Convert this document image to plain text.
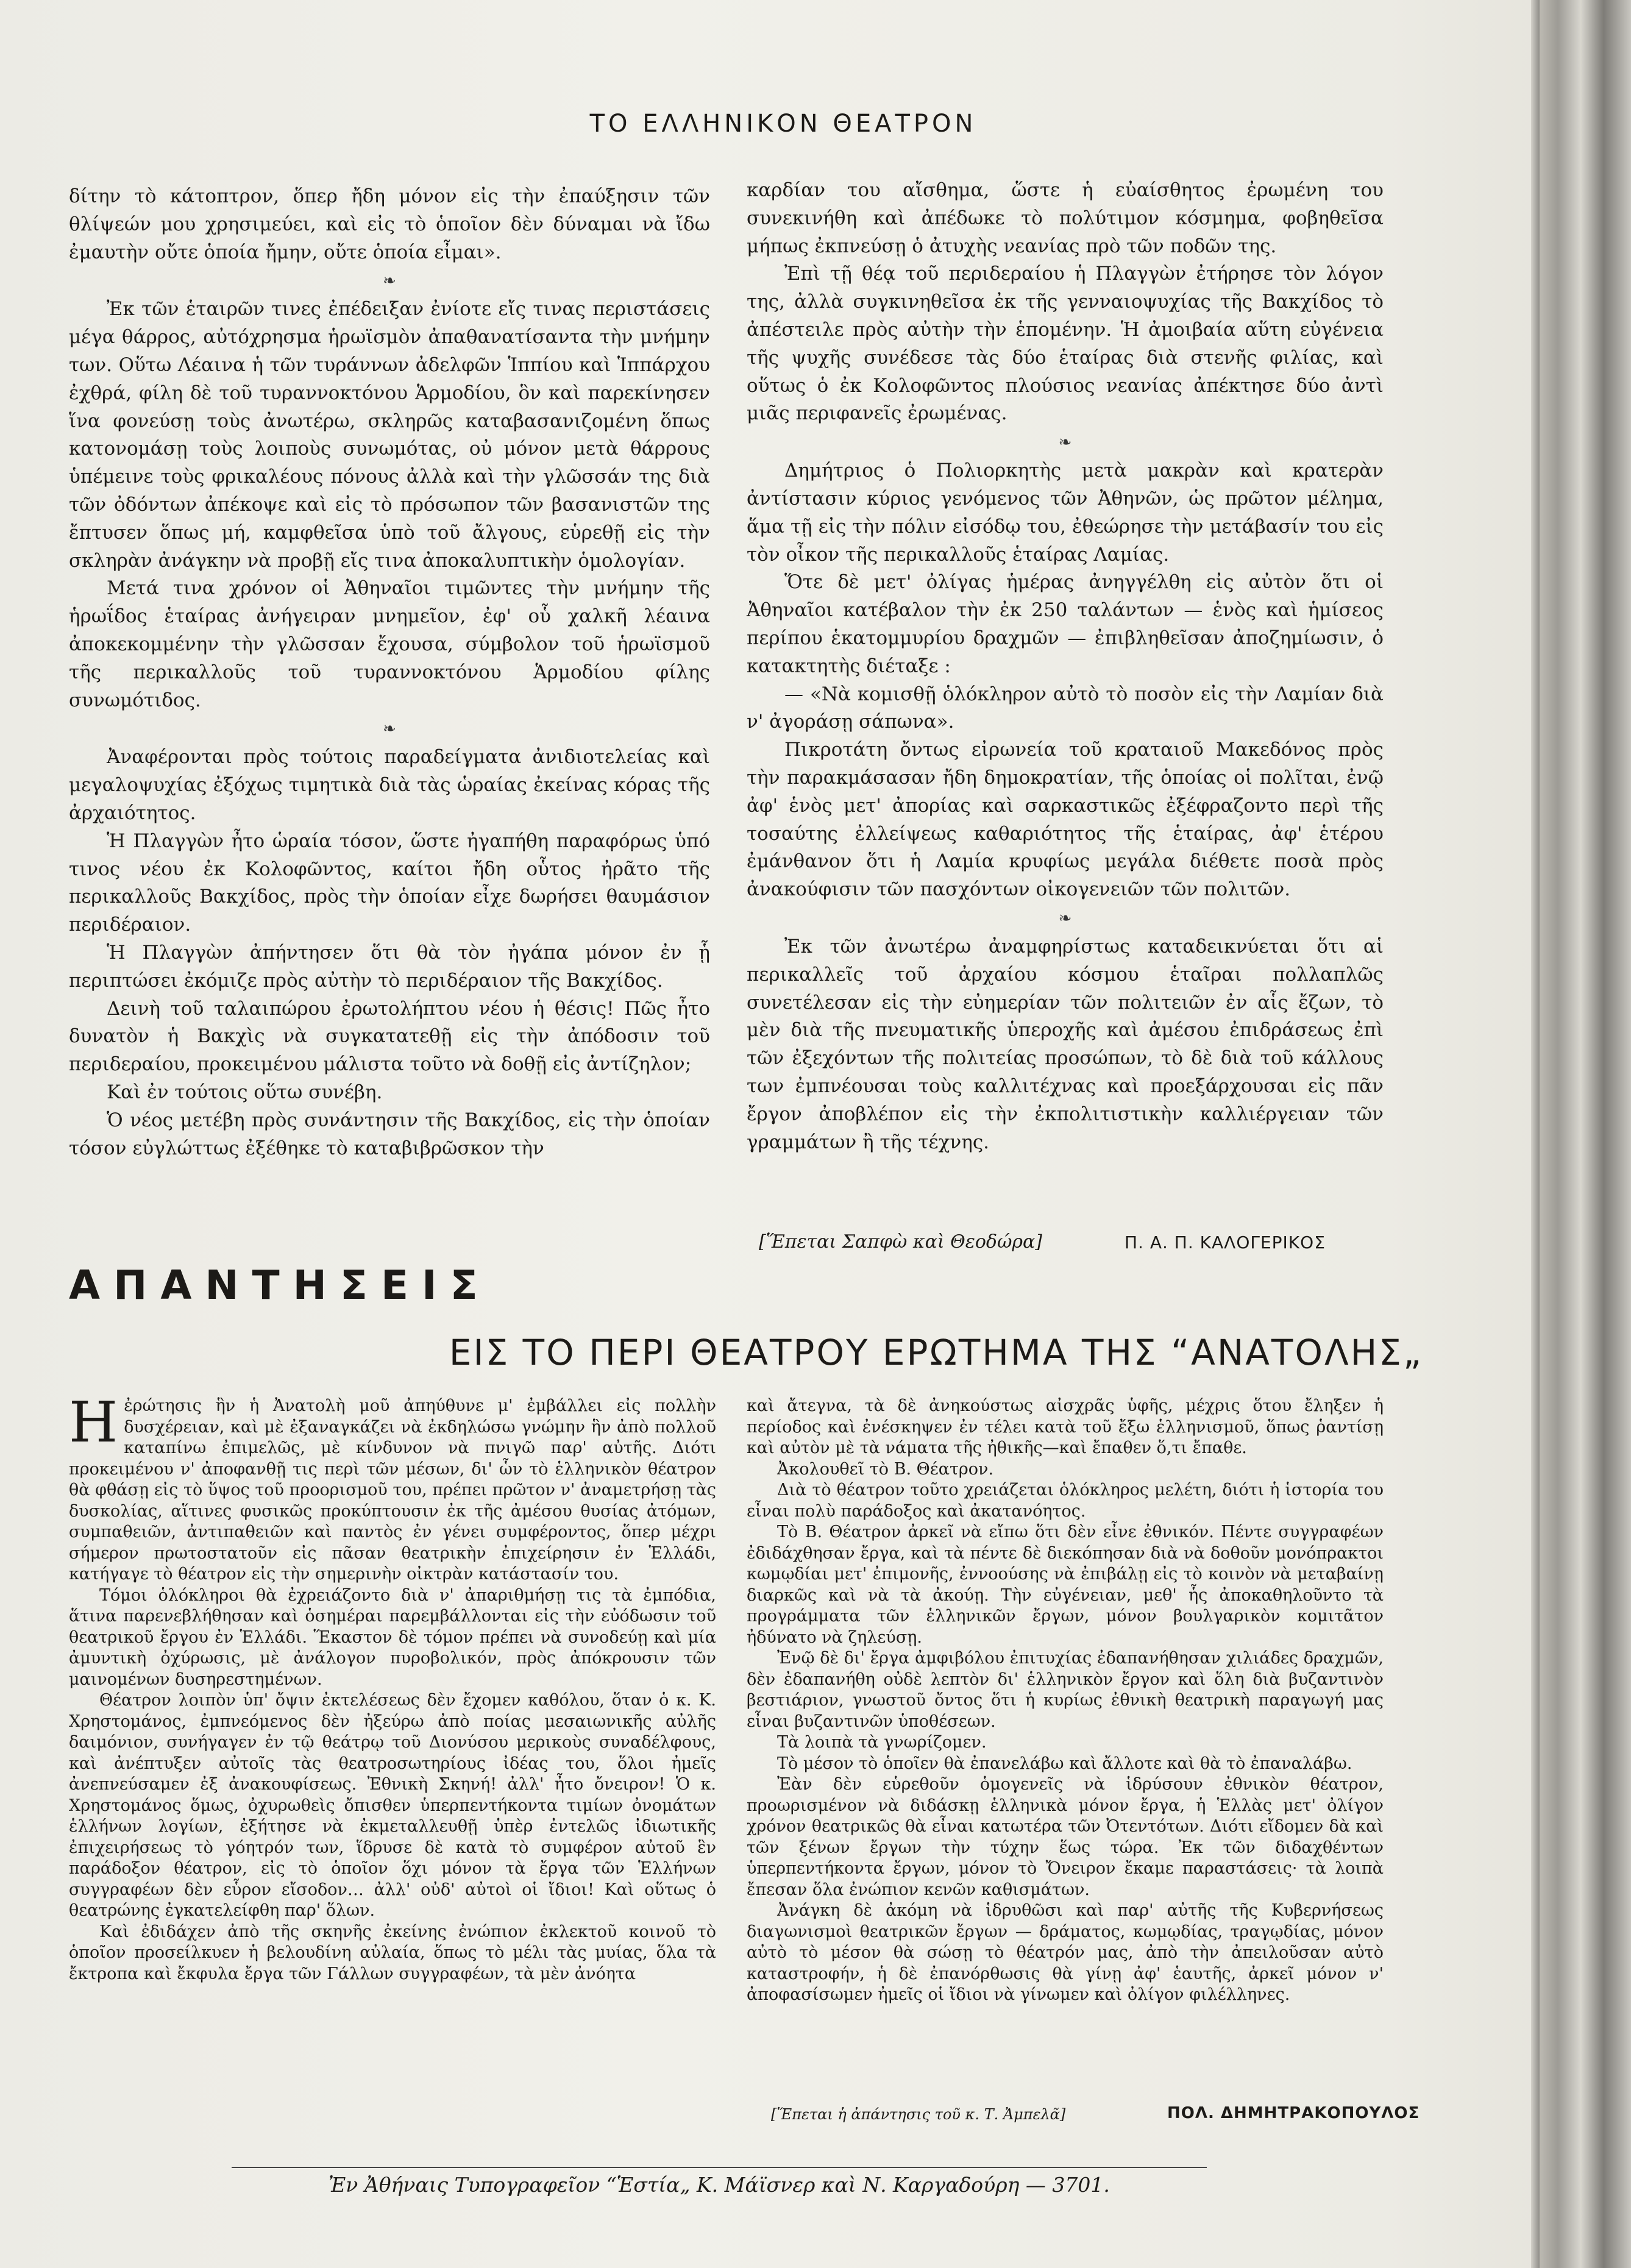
ΤΟ ΕΛΛΗΝΙΚΟΝ ΘΕΑΤΡΟΝ

δίτην τὸ κάτοπτρον, ὅπερ ἤδη μόνον εἰς τὴν ἐπαύξησιν τῶν θλίψεών μου χρησιμεύει, καὶ εἰς τὸ ὁποῖον δὲν δύναμαι νὰ ἴδω ἐμαυτὴν οὔτε ὁποία ἤμην, οὔτε ὁποία εἶμαι».

❧

Ἐκ τῶν ἑταιρῶν τινες ἐπέδειξαν ἐνίοτε εἴς τινας περιστάσεις μέγα θάρρος, αὐτόχρησμα ἡρωϊσμὸν ἀπαθανατίσαντα τὴν μνήμην των. Οὕτω Λέαινα ἡ τῶν τυράννων ἀδελφῶν Ἱππίου καὶ Ἱππάρχου ἐχθρά, φίλη δὲ τοῦ τυραννοκτόνου Ἁρμοδίου, ὃν καὶ παρεκίνησεν ἵνα φονεύσῃ τοὺς ἀνωτέρω, σκληρῶς καταβασανιζομένη ὅπως κατονομάσῃ τοὺς λοιποὺς συνωμότας, οὐ μόνον μετὰ θάρρους ὑπέμεινε τοὺς φρικαλέους πόνους ἀλλὰ καὶ τὴν γλῶσσάν της διὰ τῶν ὀδόντων ἀπέκοψε καὶ εἰς τὸ πρόσωπον τῶν βασανιστῶν της ἔπτυσεν ὅπως μή, καμφθεῖσα ὑπὸ τοῦ ἄλγους, εὑρεθῇ εἰς τὴν σκληρὰν ἀνάγκην νὰ προβῇ εἴς τινα ἀποκαλυπτικὴν ὁμολογίαν.

Μετά τινα χρόνον οἱ Ἀθηναῖοι τιμῶντες τὴν μνήμην τῆς ἡρωΐδος ἑταίρας ἀνήγειραν μνημεῖον, ἐφ' οὗ χαλκῆ λέαινα ἀποκεκομμένην τὴν γλῶσσαν ἔχουσα, σύμβολον τοῦ ἡρωϊσμοῦ τῆς περικαλλοῦς τοῦ τυραννοκτόνου Ἁρμοδίου φίλης συνωμότιδος.

❧

Ἀναφέρονται πρὸς τούτοις παραδείγματα ἀνιδιοτελείας καὶ μεγαλοψυχίας ἐξόχως τιμητικὰ διὰ τὰς ὡραίας ἐκείνας κόρας τῆς ἀρχαιότητος.

Ἡ Πλαγγὼν ἦτο ὡραία τόσον, ὥστε ἠγαπήθη παραφόρως ὑπό τινος νέου ἐκ Κολοφῶντος, καίτοι ἤδη οὗτος ἠρᾶτο τῆς περικαλλοῦς Βακχίδος, πρὸς τὴν ὁποίαν εἶχε δωρήσει θαυμάσιον περιδέραιον.

Ἡ Πλαγγὼν ἀπήντησεν ὅτι θὰ τὸν ἠγάπα μόνον ἐν ᾗ περιπτώσει ἐκόμιζε πρὸς αὐτὴν τὸ περιδέραιον τῆς Βακχίδος.

Δεινὴ τοῦ ταλαιπώρου ἐρωτολήπτου νέου ἡ θέσις! Πῶς ἦτο δυνατὸν ἡ Βακχὶς νὰ συγκατατεθῇ εἰς τὴν ἀπόδοσιν τοῦ περιδεραίου, προκειμένου μάλιστα τοῦτο νὰ δοθῇ εἰς ἀντίζηλον;

Καὶ ἐν τούτοις οὕτω συνέβη.

Ὁ νέος μετέβη πρὸς συνάντησιν τῆς Βακχίδος, εἰς τὴν ὁποίαν τόσον εὐγλώττως ἐξέθηκε τὸ καταβιβρῶσκον τὴν

καρδίαν του αἴσθημα, ὥστε ἡ εὐαίσθητος ἐρωμένη του συνεκινήθη καὶ ἀπέδωκε τὸ πολύτιμον κόσμημα, φοβηθεῖσα μήπως ἐκπνεύσῃ ὁ ἀτυχὴς νεανίας πρὸ τῶν ποδῶν της.

Ἐπὶ τῇ θέᾳ τοῦ περιδεραίου ἡ Πλαγγὼν ἐτήρησε τὸν λόγον της, ἀλλὰ συγκινηθεῖσα ἐκ τῆς γενναιοψυχίας τῆς Βακχίδος τὸ ἀπέστειλε πρὸς αὐτὴν τὴν ἑπομένην. Ἡ ἀμοιβαία αὕτη εὐγένεια τῆς ψυχῆς συνέδεσε τὰς δύο ἑταίρας διὰ στενῆς φιλίας, καὶ οὕτως ὁ ἐκ Κολοφῶντος πλούσιος νεανίας ἀπέκτησε δύο ἀντὶ μιᾶς περιφανεῖς ἐρωμένας.

❧

Δημήτριος ὁ Πολιορκητὴς μετὰ μακρὰν καὶ κρατερὰν ἀντίστασιν κύριος γενόμενος τῶν Ἀθηνῶν, ὡς πρῶτον μέλημα, ἅμα τῇ εἰς τὴν πόλιν εἰσόδῳ του, ἐθεώρησε τὴν μετάβασίν του εἰς τὸν οἶκον τῆς περικαλλοῦς ἑταίρας Λαμίας.

Ὅτε δὲ μετ' ὀλίγας ἡμέρας ἀνηγγέλθη εἰς αὐτὸν ὅτι οἱ Ἀθηναῖοι κατέβαλον τὴν ἐκ 250 ταλάντων — ἑνὸς καὶ ἡμίσεος περίπου ἑκατομμυρίου δραχμῶν — ἐπιβληθεῖσαν ἀποζημίωσιν, ὁ κατακτητὴς διέταξε :

— «Νὰ κομισθῇ ὁλόκληρον αὐτὸ τὸ ποσὸν εἰς τὴν Λαμίαν διὰ ν' ἀγοράσῃ σάπωνα».

Πικροτάτη ὄντως εἰρωνεία τοῦ κραταιοῦ Μακεδόνος πρὸς τὴν παρακμάσασαν ἤδη δημοκρατίαν, τῆς ὁποίας οἱ πολῖται, ἐνῷ ἀφ' ἑνὸς μετ' ἀπορίας καὶ σαρκαστικῶς ἐξέφραζοντο περὶ τῆς τοσαύτης ἐλλείψεως καθαριότητος τῆς ἑταίρας, ἀφ' ἑτέρου ἐμάνθανον ὅτι ἡ Λαμία κρυφίως μεγάλα διέθετε ποσὰ πρὸς ἀνακούφισιν τῶν πασχόντων οἰκογενειῶν τῶν πολιτῶν.

❧

Ἐκ τῶν ἀνωτέρω ἀναμφηρίστως καταδεικνύεται ὅτι αἱ περικαλλεῖς τοῦ ἀρχαίου κόσμου ἑταῖραι πολλαπλῶς συνετέλεσαν εἰς τὴν εὐημερίαν τῶν πολιτειῶν ἐν αἷς ἔζων, τὸ μὲν διὰ τῆς πνευματικῆς ὑπεροχῆς καὶ ἀμέσου ἐπιδράσεως ἐπὶ τῶν ἐξεχόντων τῆς πολιτείας προσώπων, τὸ δὲ διὰ τοῦ κάλλους των ἐμπνέουσαι τοὺς καλλιτέχνας καὶ προεξάρχουσαι εἰς πᾶν ἔργον ἀποβλέπον εἰς τὴν ἐκπολιτιστικὴν καλλιέργειαν τῶν γραμμάτων ἢ τῆς τέχνης.

[Ἕπεται Σαπφὼ καὶ Θεοδώρα]	Π. Α. Π. ΚΑΛΟΓΕΡΙΚΟΣ
ΑΠΑΝΤΗΣΕΙΣ
ΕΙΣ ΤΟ ΠΕΡΙ ΘΕΑΤΡΟΥ ΕΡΩΤΗΜΑ ΤΗΣ “ΑΝΑΤΟΛΗΣ„

Ηἐρώτησις ἣν ἡ Ἀνατολὴ μοῦ ἀπηύθυνε μ' ἐμβάλλει εἰς πολλὴν δυσχέρειαν, καὶ μὲ ἐξαναγκάζει νὰ ἐκδηλώσω γνώμην ἣν ἀπὸ πολλοῦ καταπίνω ἐπιμελῶς, μὲ κίνδυνον νὰ πνιγῶ παρ' αὐτῆς. Διότι προκειμένου ν' ἀποφανθῇ τις περὶ τῶν μέσων, δι' ὧν τὸ ἑλληνικὸν θέατρον θὰ φθάσῃ εἰς τὸ ὕψος τοῦ προορισμοῦ του, πρέπει πρῶτον ν' ἀναμετρήσῃ τὰς δυσκολίας, αἵτινες φυσικῶς προκύπτουσιν ἐκ τῆς ἀμέσου θυσίας ἀτόμων, συμπαθειῶν, ἀντιπαθειῶν καὶ παντὸς ἐν γένει συμφέροντος, ὅπερ μέχρι σήμερον πρωτοστατοῦν εἰς πᾶσαν θεατρικὴν ἐπιχείρησιν ἐν Ἑλλάδι, κατήγαγε τὸ θέατρον εἰς τὴν σημερινὴν οἰκτρὰν κατάστασίν του.

Τόμοι ὁλόκληροι θὰ ἐχρειάζοντο διὰ ν' ἀπαριθμήσῃ τις τὰ ἐμπόδια, ἅτινα παρενεβλήθησαν καὶ ὁσημέραι παρεμβάλλονται εἰς τὴν εὐόδωσιν τοῦ θεατρικοῦ ἔργου ἐν Ἑλλάδι. Ἕκαστον δὲ τόμον πρέπει νὰ συνοδεύῃ καὶ μία ἀμυντικὴ ὀχύρωσις, μὲ ἀνάλογον πυροβολικόν, πρὸς ἀπόκρουσιν τῶν μαινομένων δυσηρεστημένων.

Θέατρον λοιπὸν ὑπ' ὄψιν ἐκτελέσεως δὲν ἔχομεν καθόλου, ὅταν ὁ κ. Κ. Χρηστομάνος, ἐμπνεόμενος δὲν ἠξεύρω ἀπὸ ποίας μεσαιωνικῆς αὐλῆς δαιμόνιον, συνήγαγεν ἐν τῷ θεάτρῳ τοῦ Διονύσου μερικοὺς συναδέλφους, καὶ ἀνέπτυξεν αὐτοῖς τὰς θεατροσωτηρίους ἰδέας του, ὅλοι ἠμεῖς ἀνεπνεύσαμεν ἐξ ἀνακουφίσεως. Ἐθνικὴ Σκηνή! ἀλλ' ἦτο ὄνειρον! Ὁ κ. Χρηστομάνος ὅμως, ὀχυρωθεὶς ὄπισθεν ὑπερπεντήκοντα τιμίων ὀνομάτων ἑλλήνων λογίων, ἐξήτησε νὰ ἐκμεταλλευθῇ ὑπὲρ ἐντελῶς ἰδιωτικῆς ἐπιχειρήσεως τὸ γόητρόν των, ἵδρυσε δὲ κατὰ τὸ συμφέρον αὐτοῦ ἓν παράδοξον θέατρον, εἰς τὸ ὁποῖον ὅχι μόνον τὰ ἔργα τῶν Ἑλλήνων συγγραφέων δὲν εὗρον εἴσοδον… ἀλλ' οὐδ' αὐτοὶ οἱ ἴδιοι! Καὶ οὕτως ὁ θεατρώνης ἐγκατελείφθη παρ' ὅλων.

Καὶ ἐδιδάχεν ἀπὸ τῆς σκηνῆς ἐκείνης ἐνώπιον ἐκλεκτοῦ κοινοῦ τὸ ὁποῖον προσείλκυεν ἡ βελουδίνη αὐλαία, ὅπως τὸ μέλι τὰς μυίας, ὅλα τὰ ἔκτροπα καὶ ἔκφυλα ἔργα τῶν Γάλλων συγγραφέων, τὰ μὲν ἀνόητα

καὶ ἄτεγνα, τὰ δὲ ἀνηκούστως αἰσχρᾶς ὑφῆς, μέχρις ὅτου ἔληξεν ἡ περίοδος καὶ ἐνέσκηψεν ἐν τέλει κατὰ τοῦ ἔξω ἑλληνισμοῦ, ὅπως ῥαντίσῃ καὶ αὐτὸν μὲ τὰ νάματα τῆς ἠθικῆς—καὶ ἔπαθεν ὅ,τι ἔπαθε.

Ἀκολουθεῖ τὸ Β. Θέατρον.

Διὰ τὸ θέατρον τοῦτο χρειάζεται ὁλόκληρος μελέτη, διότι ἡ ἱστορία του εἶναι πολὺ παράδοξος καὶ ἀκατανόητος.

Τὸ Β. Θέατρον ἀρκεῖ νὰ εἴπω ὅτι δὲν εἶνε ἐθνικόν. Πέντε συγγραφέων ἐδιδάχθησαν ἔργα, καὶ τὰ πέντε δὲ διεκόπησαν διὰ νὰ δοθοῦν μονόπρακτοι κωμῳδίαι μετ' ἐπιμονῆς, ἐννοούσης νὰ ἐπιβάλῃ εἰς τὸ κοινὸν νὰ μεταβαίνῃ διαρκῶς καὶ νὰ τὰ ἀκούῃ. Τὴν εὐγένειαν, μεθ' ἧς ἀποκαθηλοῦντο τὰ προγράμματα τῶν ἑλληνικῶν ἔργων, μόνον βουλγαρικὸν κομιτᾶτον ἠδύνατο νὰ ζηλεύσῃ.

Ἐνῷ δὲ δι' ἔργα ἀμφιβόλου ἐπιτυχίας ἐδαπανήθησαν χιλιάδες δραχμῶν, δὲν ἐδαπανήθη οὐδὲ λεπτὸν δι' ἑλληνικὸν ἔργον καὶ ὅλη διὰ βυζαντινὸν βεστιάριον, γνωστοῦ ὄντος ὅτι ἡ κυρίως ἐθνικὴ θεατρικὴ παραγωγή μας εἶναι βυζαντινῶν ὑποθέσεων.

Τὰ λοιπὰ τὰ γνωρίζομεν.

Τὸ μέσον τὸ ὁποῖεν θὰ ἐπανελάβω καὶ ἄλλοτε καὶ θὰ τὸ ἐπαναλάβω.

Ἐὰν δὲν εὑρεθοῦν ὁμογενεῖς νὰ ἱδρύσουν ἐθνικὸν θέατρον, προωρισμένον νὰ διδάσκῃ ἑλληνικὰ μόνον ἔργα, ἡ Ἑλλὰς μετ' ὀλίγον χρόνον θεατρικῶς θὰ εἶναι κατωτέρα τῶν Ὀτεντότων. Διότι εἴδομεν δὰ καὶ τῶν ξένων ἔργων τὴν τύχην ἕως τώρα. Ἐκ τῶν διδαχθέντων ὑπερπεντήκοντα ἔργων, μόνον τὸ Ὄνειρον ἔκαμε παραστάσεις· τὰ λοιπὰ ἔπεσαν ὅλα ἐνώπιον κενῶν καθισμάτων.

Ἀνάγκη δὲ ἀκόμη νὰ ἱδρυθῶσι καὶ παρ' αὐτῆς τῆς Κυβερνήσεως διαγωνισμοὶ θεατρικῶν ἔργων — δράματος, κωμῳδίας, τραγῳδίας, μόνον αὐτὸ τὸ μέσον θὰ σώσῃ τὸ θέατρόν μας, ἀπὸ τὴν ἀπειλοῦσαν αὐτὸ καταστροφήν, ἡ δὲ ἐπανόρθωσις θὰ γίνῃ ἀφ' ἑαυτῆς, ἀρκεῖ μόνον ν' ἀποφασίσωμεν ἠμεῖς οἱ ἴδιοι νὰ γίνωμεν καὶ ὀλίγον φιλέλληνες.

[Ἕπεται ἡ ἀπάντησις τοῦ κ. Τ. Ἀμπελᾶ]	ΠΟΛ. ΔΗΜΗΤΡΑΚΟΠΟΥΛΟΣ
Ἐν Ἀθήναις Τυπογραφεῖον “Ἑστία„ Κ. Μάϊσνερ καὶ Ν. Καργαδούρη — 3701.
